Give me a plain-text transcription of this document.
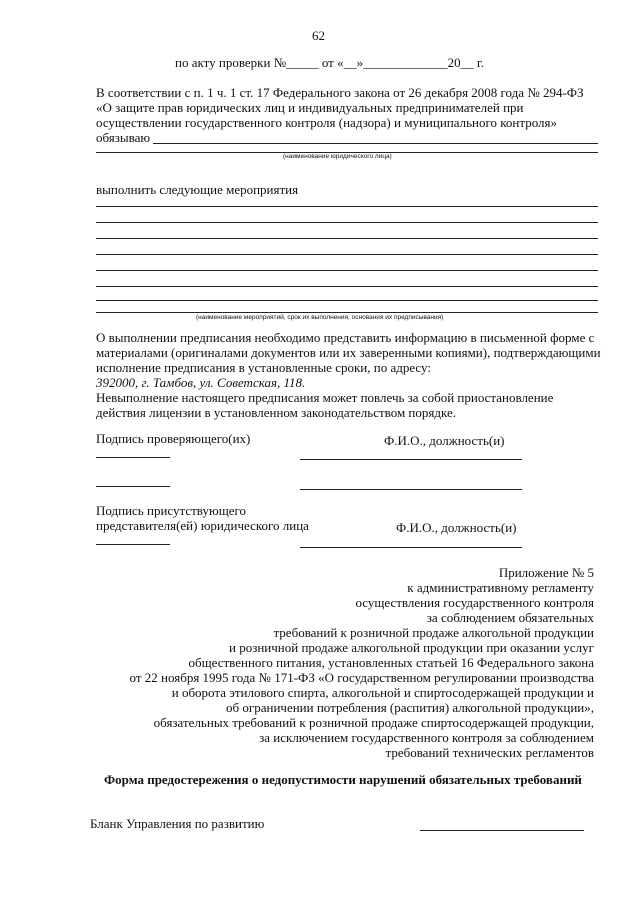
62
по акту проверки №_____ от «__»_____________20__ г.
В соответствии с п. 1 ч. 1 ст. 17 Федерального закона от 26 декабря 2008 года № 294-ФЗ
«О защите прав юридических лиц и индивидуальных предпринимателей при
осуществлении государственного контроля (надзора) и муниципального контроля»
обязываю
(наименование юридического лица)
выполнить следующие мероприятия
(наименование мероприятий, срок их выполнения, основания их предписывания)
О выполнении предписания необходимо представить информацию в письменной форме с
материалами (оригиналами документов или их заверенными копиями), подтверждающими
исполнение предписания в установленные сроки, по адресу:
392000, г. Тамбов, ул. Советская, 118.
Невыполнение настоящего предписания может повлечь за собой приостановление
действия лицензии в установленном законодательством порядке.
Подпись проверяющего(их)	Ф.И.О., должность(и)
Подпись присутствующего
представителя(ей) юридического лица	Ф.И.О., должность(и)
Приложение № 5
к административному регламенту
осуществления государственного контроля
за соблюдением обязательных
требований к розничной продаже алкогольной продукции
и розничной продаже алкогольной продукции при оказании услуг
общественного питания, установленных статьей 16 Федерального закона
от 22 ноября 1995 года № 171-ФЗ «О государственном регулировании производства
и оборота этилового спирта, алкогольной и спиртосодержащей продукции и
об ограничении потребления (распития) алкогольной продукции»,
обязательных требований к розничной продаже спиртосодержащей продукции,
за исключением государственного контроля за соблюдением
требований технических регламентов
Форма предостережения о недопустимости нарушений обязательных требований
Бланк Управления по развитию
